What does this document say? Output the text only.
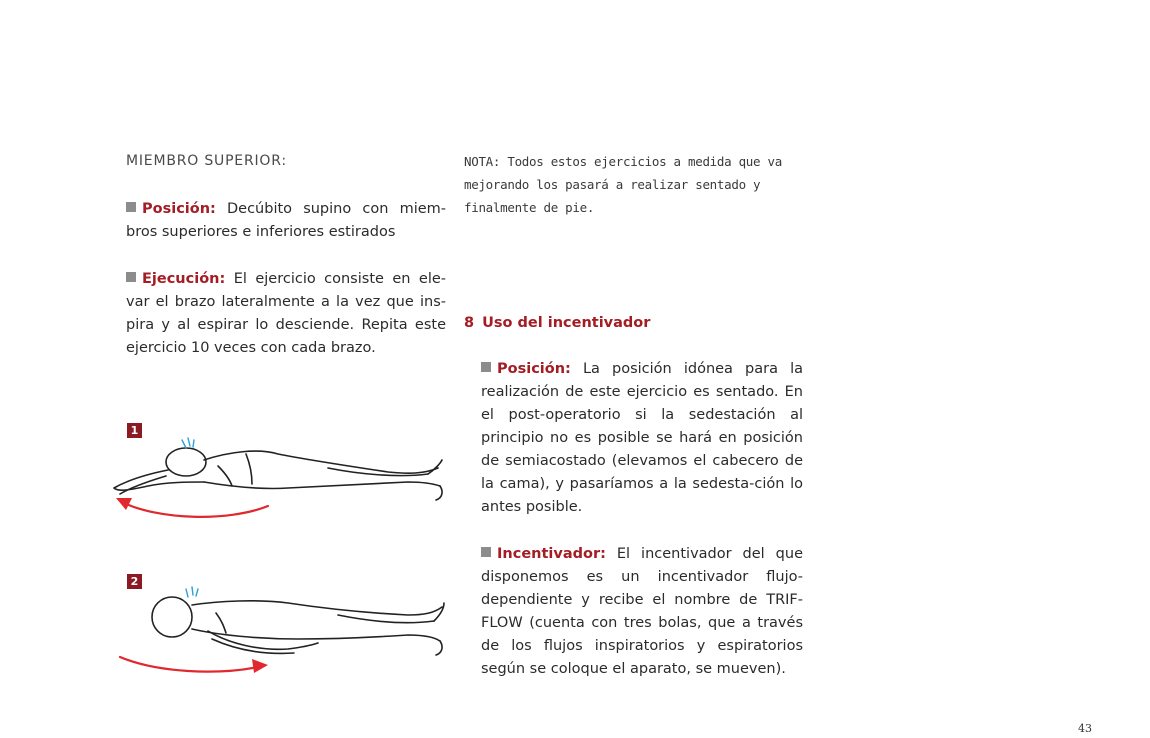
MIEMBRO SUPERIOR:

Posición: Decúbito supino con miem-bros superiores e inferiores estirados

Ejecución: El ejercicio consiste en ele-var el brazo lateralmente a la vez que ins-pira y al espirar lo desciende. Repita este ejercicio 10 veces con cada brazo.

1
2

NOTA: Todos estos ejercicios a medida que va mejorando los pasará a realizar sentado y finalmente de pie.

8 Uso del incentivador

Posición: La posición idónea para la realización de este ejercicio es sentado. En el post-operatorio si la sedestación al principio no es posible se hará en posición de semiacostado (elevamos el cabecero de la cama), y pasaríamos a la sedesta-ción lo antes posible.

Incentivador: El incentivador del que disponemos es un incentivador flujo-dependiente y recibe el nombre de TRIF-FLOW (cuenta con tres bolas, que a través de los flujos inspiratorios y espiratorios según se coloque el aparato, se mueven).

43
